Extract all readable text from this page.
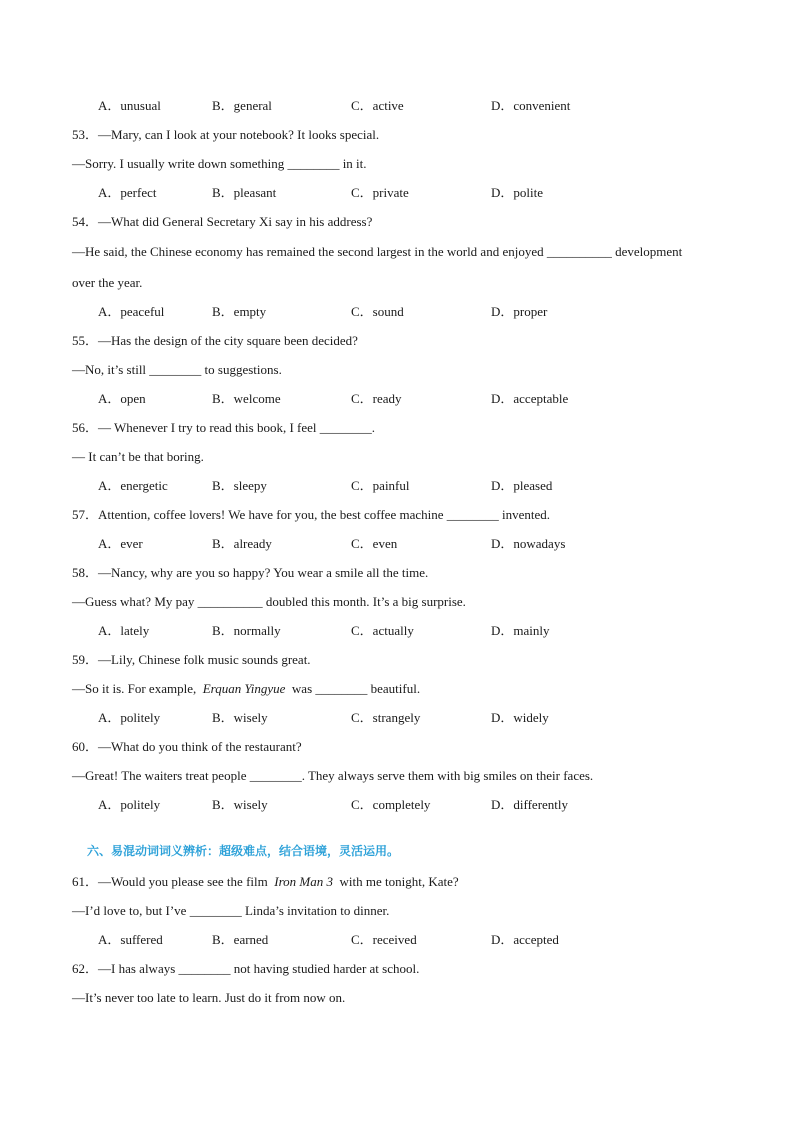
A．unusual	B．general	C．active	D．convenient
53．—Mary, can I look at your notebook? It looks special.
—Sorry. I usually write down something ________ in it.
A．perfect	B．pleasant	C．private	D．polite
54．—What did General Secretary Xi say in his address?
—He said, the Chinese economy has remained the second largest in the world and enjoyed __________ development
over the year.
A．peaceful	B．empty	C．sound	D．proper
55．—Has the design of the city square been decided?
—No, it’s still ________ to suggestions.
A．open	B．welcome	C．ready	D．acceptable
56．— Whenever I try to read this book, I feel ________.
— It can’t be that boring.
A．energetic	B．sleepy	C．painful	D．pleased
57．Attention, coffee lovers! We have for you, the best coffee machine ________ invented.
A．ever	B．already	C．even	D．nowadays
58．—Nancy, why are you so happy? You wear a smile all the time.
—Guess what? My pay __________ doubled this month. It’s a big surprise.
A．lately	B．normally	C．actually	D．mainly
59．—Lily, Chinese folk music sounds great.
—So it is. For example, Erquan Yingyue was ________ beautiful.
A．politely	B．wisely	C．strangely	D．widely
60．—What do you think of the restaurant?
—Great! The waiters treat people ________. They always serve them with big smiles on their faces.
A．politely	B．wisely	C．completely	D．differently
六、易混动词词义辨析：超级难点，结合语境，灵活运用。
61．—Would you please see the film Iron Man 3 with me tonight, Kate?
—I’d love to, but I’ve ________ Linda’s invitation to dinner.
A．suffered	B．earned	C．received	D．accepted
62．—I has always ________ not having studied harder at school.
—It’s never too late to learn. Just do it from now on.
